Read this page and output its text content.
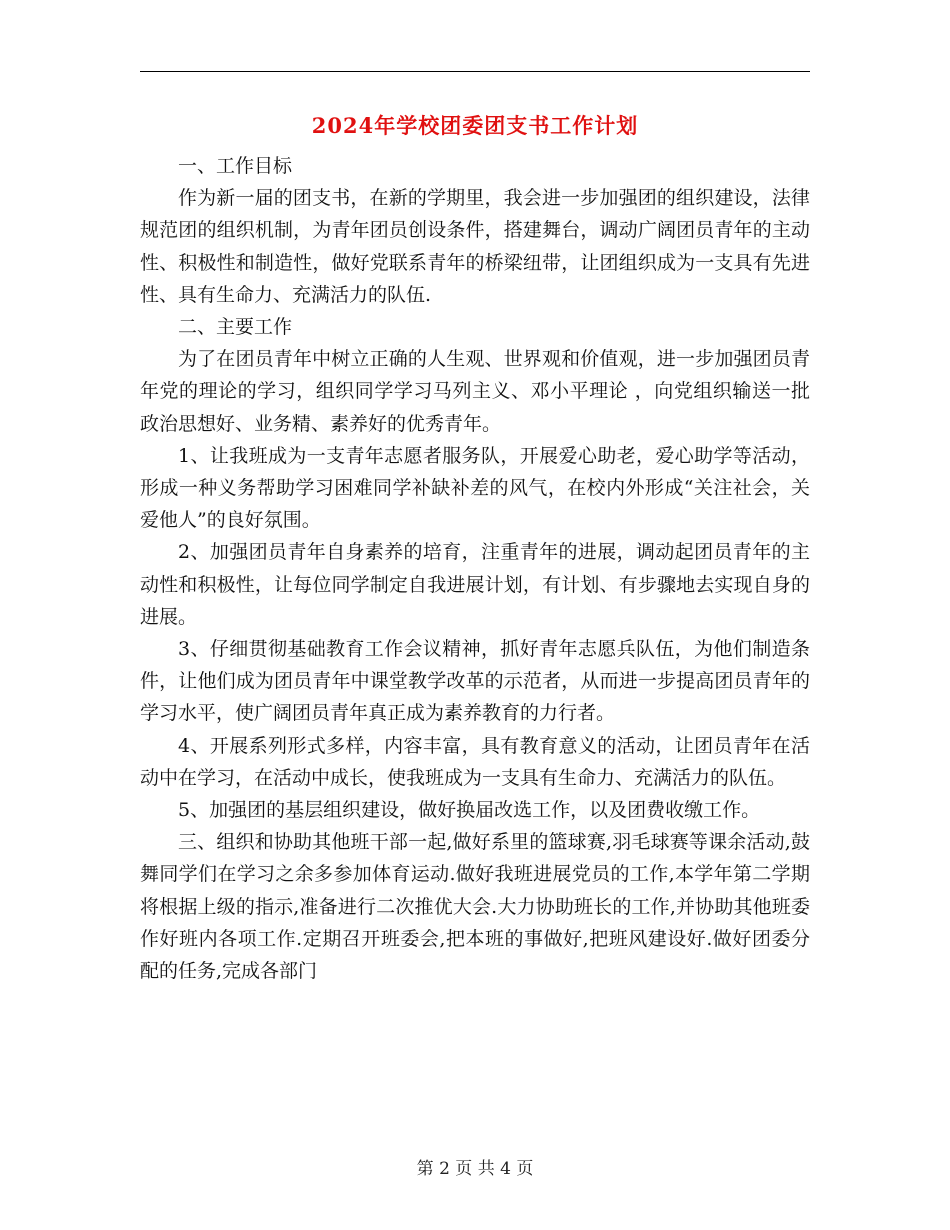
2024年学校团委团支书工作计划

一、工作目标

作为新一届的团支书，在新的学期里，我会进一步加强团的组织建设，法律规范团的组织机制，为青年团员创设条件，搭建舞台，调动广阔团员青年的主动性、积极性和制造性，做好党联系青年的桥梁纽带，让团组织成为一支具有先进性、具有生命力、充满活力的队伍.

二、主要工作

为了在团员青年中树立正确的人生观、世界观和价值观，进一步加强团员青年党的理论的学习，组织同学学习马列主义、邓小平理论 ，向党组织输送一批政治思想好、业务精、素养好的优秀青年。

1、让我班成为一支青年志愿者服务队，开展爱心助老，爱心助学等活动，形成一种义务帮助学习困难同学补缺补差的风气，在校内外形成“关注社会，关爱他人”的良好氛围。

2、加强团员青年自身素养的培育，注重青年的进展，调动起团员青年的主动性和积极性，让每位同学制定自我进展计划，有计划、有步骤地去实现自身的进展。

3、仔细贯彻基础教育工作会议精神，抓好青年志愿兵队伍，为他们制造条件，让他们成为团员青年中课堂教学改革的示范者，从而进一步提高团员青年的学习水平，使广阔团员青年真正成为素养教育的力行者。

4、开展系列形式多样，内容丰富，具有教育意义的活动，让团员青年在活动中在学习，在活动中成长，使我班成为一支具有生命力、充满活力的队伍。

5、加强团的基层组织建设，做好换届改选工作，以及团费收缴工作。

三、组织和协助其他班干部一起,做好系里的篮球赛,羽毛球赛等课余活动,鼓舞同学们在学习之余多参加体育运动.做好我班进展党员的工作,本学年第二学期将根据上级的指示,准备进行二次推优大会.大力协助班长的工作,并协助其他班委作好班内各项工作.定期召开班委会,把本班的事做好,把班风建设好.做好团委分配的任务,完成各部门

第 2 页 共 4 页
